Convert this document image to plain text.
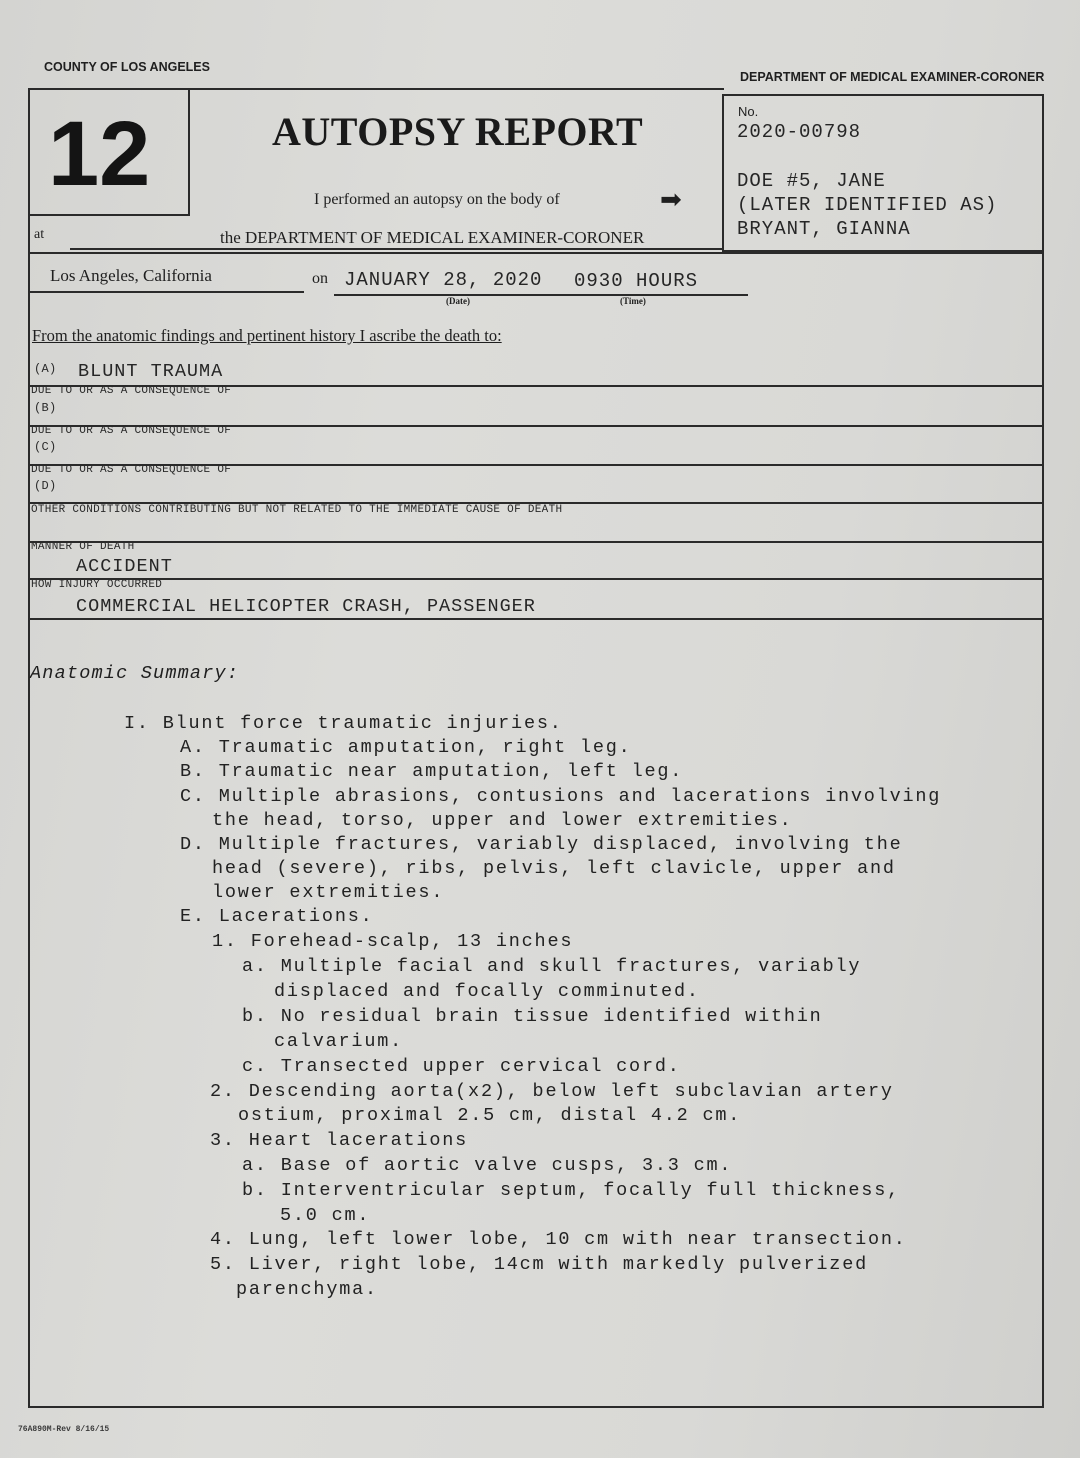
COUNTY OF LOS ANGELES
DEPARTMENT OF MEDICAL EXAMINER-CORONER
12	AUTOPSY REPORT
I performed an autopsy on the body of	➡
at	the DEPARTMENT OF MEDICAL EXAMINER-CORONER
No.
2020-00798
DOE #5, JANE
(LATER IDENTIFIED AS)
BRYANT, GIANNA
Los Angeles, California	on JANUARY 28, 2020 0930 HOURS
(Date)	(Time)
From the anatomic findings and pertinent history I ascribe the death to:
(A) BLUNT TRAUMA
DUE TO OR AS A CONSEQUENCE OF
(B)
DUE TO OR AS A CONSEQUENCE OF
(C)
DUE TO OR AS A CONSEQUENCE OF
(D)
OTHER CONDITIONS CONTRIBUTING BUT NOT RELATED TO THE IMMEDIATE CAUSE OF DEATH
MANNER OF DEATH
ACCIDENT
HOW INJURY OCCURRED
COMMERCIAL HELICOPTER CRASH, PASSENGER
Anatomic Summary:
I. Blunt force traumatic injuries.
A. Traumatic amputation, right leg.
B. Traumatic near amputation, left leg.
C. Multiple abrasions, contusions and lacerations involving
the head, torso, upper and lower extremities.
D. Multiple fractures, variably displaced, involving the
head (severe), ribs, pelvis, left clavicle, upper and
lower extremities.
E. Lacerations.
1. Forehead-scalp, 13 inches
a. Multiple facial and skull fractures, variably
displaced and focally comminuted.
b. No residual brain tissue identified within
calvarium.
c. Transected upper cervical cord.
2. Descending aorta(x2), below left subclavian artery
ostium, proximal 2.5 cm, distal 4.2 cm.
3. Heart lacerations
a. Base of aortic valve cusps, 3.3 cm.
b. Interventricular septum, focally full thickness,
5.0 cm.
4. Lung, left lower lobe, 10 cm with near transection.
5. Liver, right lobe, 14cm with markedly pulverized
parenchyma.
76A890M-Rev 8/16/15
